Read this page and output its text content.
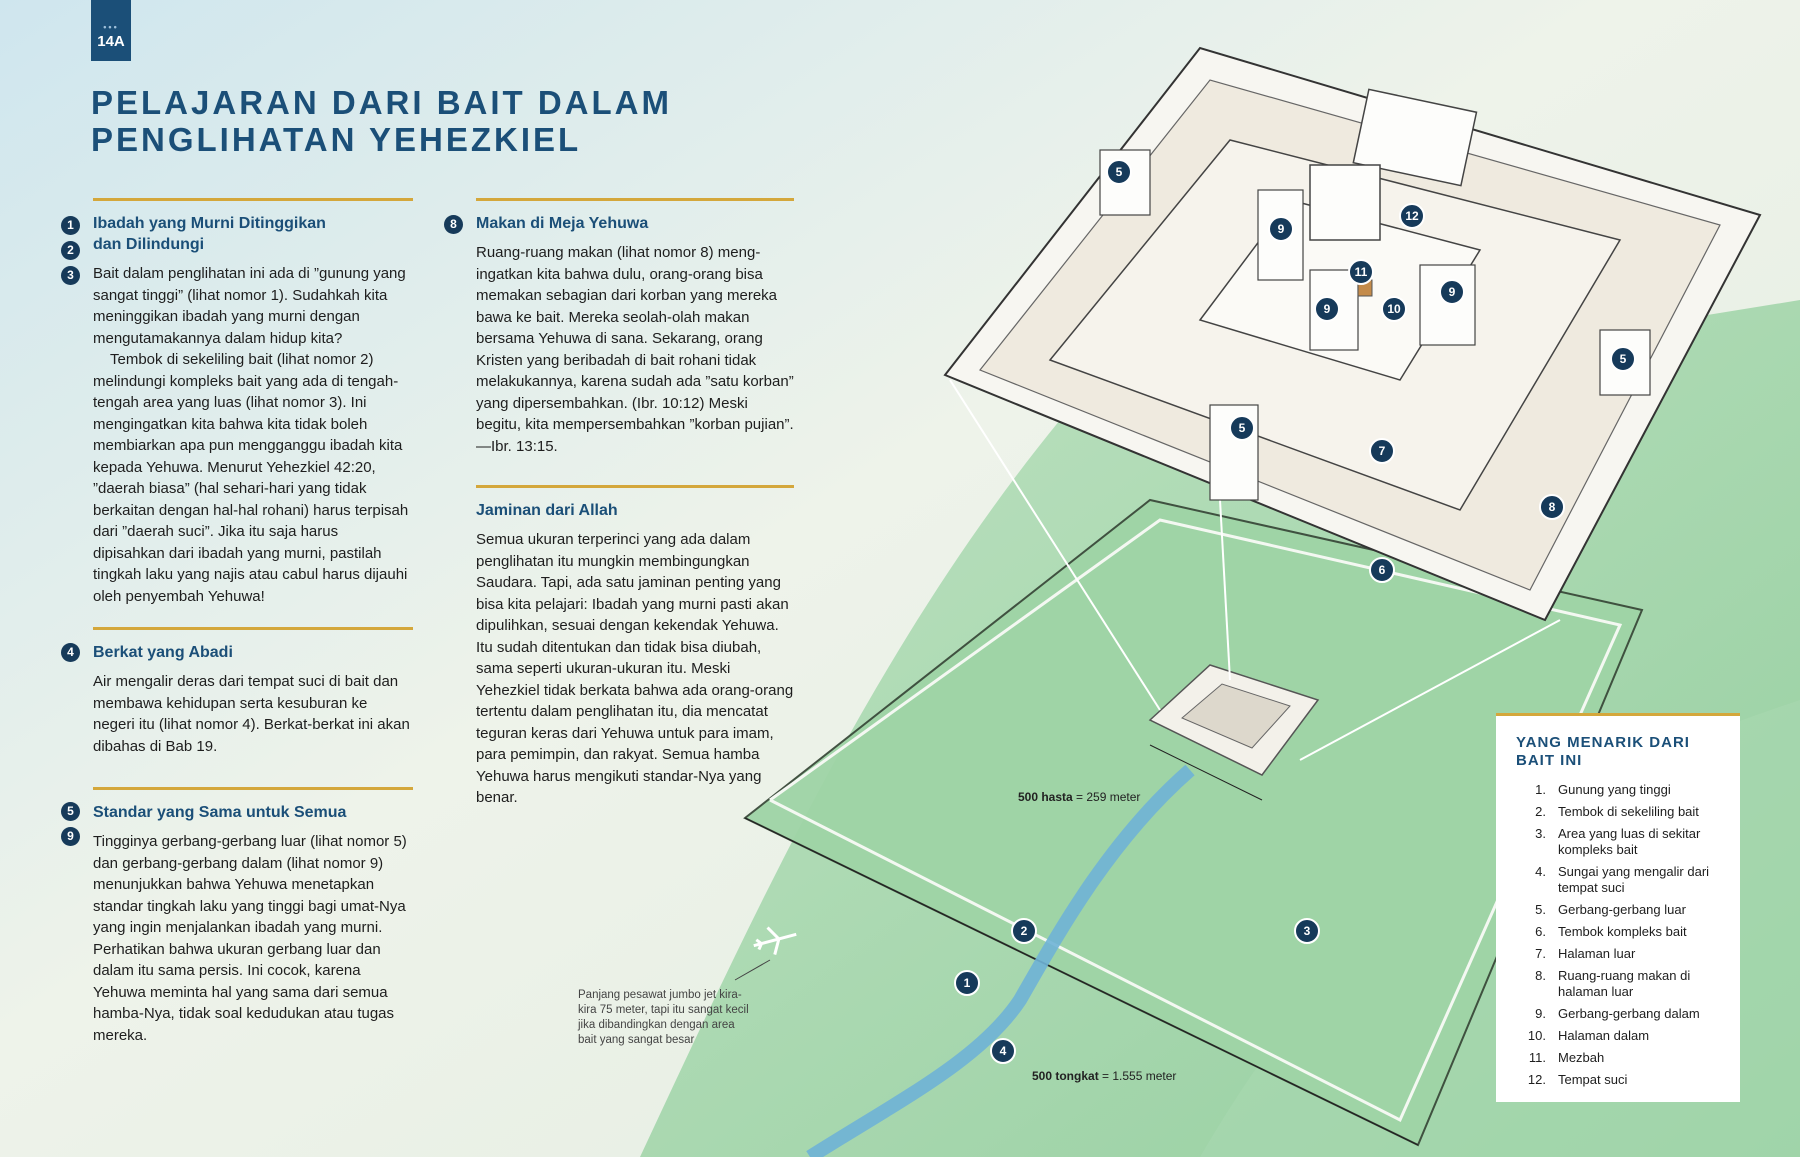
•••
14A
PELAJARAN DARI BAIT DALAM
PENGLIHATAN YEHEZKIEL
Ibadah yang Murni Ditinggikan
dan Dilindungi

Bait dalam penglihatan ini ada di ”gunung yang sangat tinggi” (lihat nomor 1). Sudahkah kita meninggikan ibadah yang murni dengan mengutamakannya dalam hidup kita?

Tembok di sekeliling bait (lihat nomor 2) melindungi kompleks bait yang ada di tengah-tengah area yang luas (lihat nomor 3). Ini mengingatkan kita bahwa kita tidak boleh membiarkan apa pun mengganggu ibadah kita kepada Yehuwa. Menurut Yehezkiel 42:20, ”daerah biasa” (hal sehari-hari yang tidak berkaitan dengan hal-hal rohani) harus terpisah dari ”daerah suci”. Jika itu saja harus dipisahkan dari ibadah yang murni, pastilah tingkah laku yang najis atau cabul harus dijauhi oleh penyembah Yehuwa!

1
2
3
Berkat yang Abadi

Air mengalir deras dari tempat suci di bait dan membawa kehidupan serta kesuburan ke negeri itu (lihat nomor 4). Berkat-berkat ini akan dibahas di Bab 19.

4
Standar yang Sama untuk Semua

Tingginya gerbang-gerbang luar (lihat nomor 5) dan gerbang-gerbang dalam (lihat nomor 9) menunjukkan bahwa Yehuwa menetapkan standar tingkah laku yang tinggi bagi umat-Nya yang ingin menjalankan ibadah yang murni. Perhatikan bahwa ukuran gerbang luar dan dalam itu sama persis. Ini cocok, karena Yehuwa meminta hal yang sama dari semua hamba-Nya, tidak soal kedudukan atau tugas mereka.

5
9
Makan di Meja Yehuwa

Ruang-ruang makan (lihat nomor 8) mengingatkan kita bahwa dulu, orang-orang bisa memakan sebagian dari korban yang mereka bawa ke bait. Mereka seolah-olah makan bersama Yehuwa di sana. Sekarang, orang Kristen yang beribadah di bait rohani tidak melakukannya, karena sudah ada ”satu korban” yang dipersembahkan. (Ibr. 10:12) Meski begitu, kita mempersembahkan ”korban pujian”.—Ibr. 13:15.

8
Jaminan dari Allah

Semua ukuran terperinci yang ada dalam penglihatan itu mungkin membingungkan Saudara. Tapi, ada satu jaminan penting yang bisa kita pelajari: Ibadah yang murni pasti akan dipulihkan, sesuai dengan kekendak Yehuwa. Itu sudah ditentukan dan tidak bisa diubah, sama seperti ukuran-ukuran itu. Meski Yehezkiel tidak berkata bahwa ada orang-orang tertentu dalam penglihatan itu, dia mencatat teguran keras dari Yehuwa untuk para imam, para pemimpin, dan rakyat. Semua hamba Yehuwa harus mengikuti standar-Nya yang benar.

5
9
12
11
9	10
9
5
5
7
8
6
2	3
1
4
500 hasta = 259 meter
500 tongkat = 1.555 meter
Panjang pesawat jumbo jet kira-kira 75 meter, tapi itu sangat kecil jika dibandingkan dengan area bait yang sangat besar
YANG MENARIK DARI BAIT INI
1. Gunung yang tinggi
2. Tembok di sekeliling bait
3. Area yang luas di sekitar kompleks bait
4. Sungai yang mengalir dari tempat suci
5. Gerbang-gerbang luar
6. Tembok kompleks bait
7. Halaman luar
8. Ruang-ruang makan di halaman luar
9. Gerbang-gerbang dalam
10. Halaman dalam
11. Mezbah
12. Tempat suci
